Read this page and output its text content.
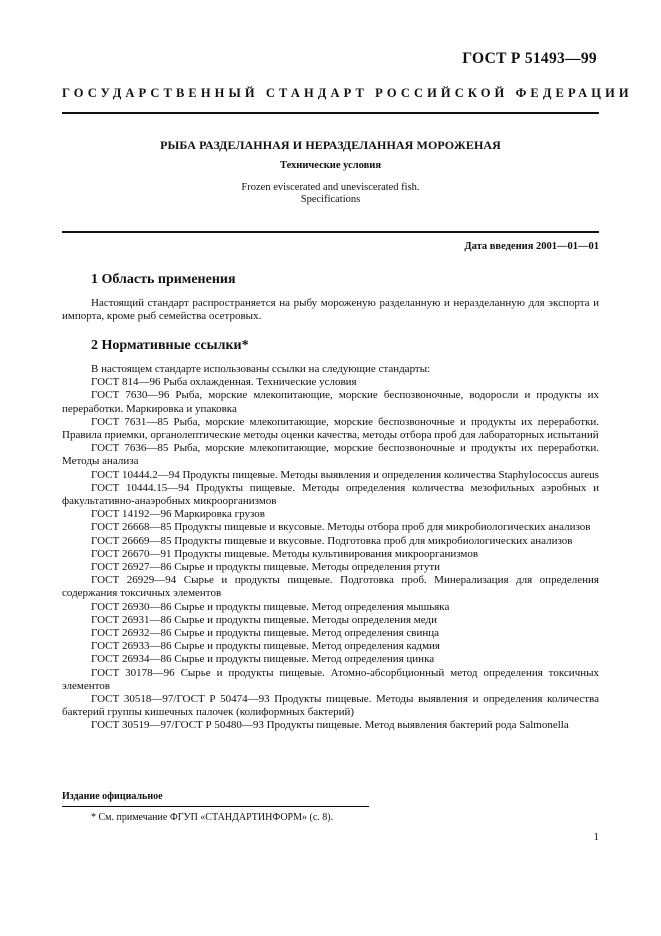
ГОСТ Р 51493—99
ГОСУДАРСТВЕННЫЙ СТАНДАРТ РОССИЙСКОЙ ФЕДЕРАЦИИ
РЫБА РАЗДЕЛАННАЯ И НЕРАЗДЕЛАННАЯ МОРОЖЕНАЯ
Технические условия
Frozen eviscerated and uneviscerated fish.
Specifications
Дата введения 2001—01—01
1 Область применения

Настоящий стандарт распространяется на рыбу мороженую разделанную и неразделанную для экспорта и импорта, кроме рыб семейства осетровых.

2 Нормативные ссылки*

В настоящем стандарте использованы ссылки на следующие стандарты:

ГОСТ 814—96 Рыба охлажденная. Технические условия

ГОСТ 7630—96 Рыба, морские млекопитающие, морские беспозвоночные, водоросли и продукты их переработки. Маркировка и упаковка

ГОСТ 7631—85 Рыба, морские млекопитающие, морские беспозвоночные и продукты их переработки. Правила приемки, органолептические методы оценки качества, методы отбора проб для лабораторных испытаний

ГОСТ 7636—85 Рыба, морские млекопитающие, морские беспозвоночные и продукты их переработки. Методы анализа

ГОСТ 10444.2—94 Продукты пищевые. Методы выявления и определения количества Staphylococcus aureus

ГОСТ 10444.15—94 Продукты пищевые. Методы определения количества мезофильных аэробных и факультативно-анаэробных микроорганизмов

ГОСТ 14192—96 Маркировка грузов

ГОСТ 26668—85 Продукты пищевые и вкусовые. Методы отбора проб для микробиологических анализов

ГОСТ 26669—85 Продукты пищевые и вкусовые. Подготовка проб для микробиологических анализов

ГОСТ 26670—91 Продукты пищевые. Методы культивирования микроорганизмов

ГОСТ 26927—86 Сырье и продукты пищевые. Методы определения ртути

ГОСТ 26929—94 Сырье и продукты пищевые. Подготовка проб. Минерализация для определения содержания токсичных элементов

ГОСТ 26930—86 Сырье и продукты пищевые. Метод определения мышьяка

ГОСТ 26931—86 Сырье и продукты пищевые. Методы определения меди

ГОСТ 26932—86 Сырье и продукты пищевые. Метод определения свинца

ГОСТ 26933—86 Сырье и продукты пищевые. Метод определения кадмия

ГОСТ 26934—86 Сырье и продукты пищевые. Метод определения цинка

ГОСТ 30178—96 Сырье и продукты пищевые. Атомно-абсорбционный метод определения токсичных элементов

ГОСТ 30518—97/ГОСТ Р 50474—93 Продукты пищевые. Методы выявления и определения количества бактерий группы кишечных палочек (колиформных бактерий)

ГОСТ 30519—97/ГОСТ Р 50480—93 Продукты пищевые. Метод выявления бактерий рода Salmonella

Издание официальное
* См. примечание ФГУП «СТАНДАРТИНФОРМ» (с. 8).
1
